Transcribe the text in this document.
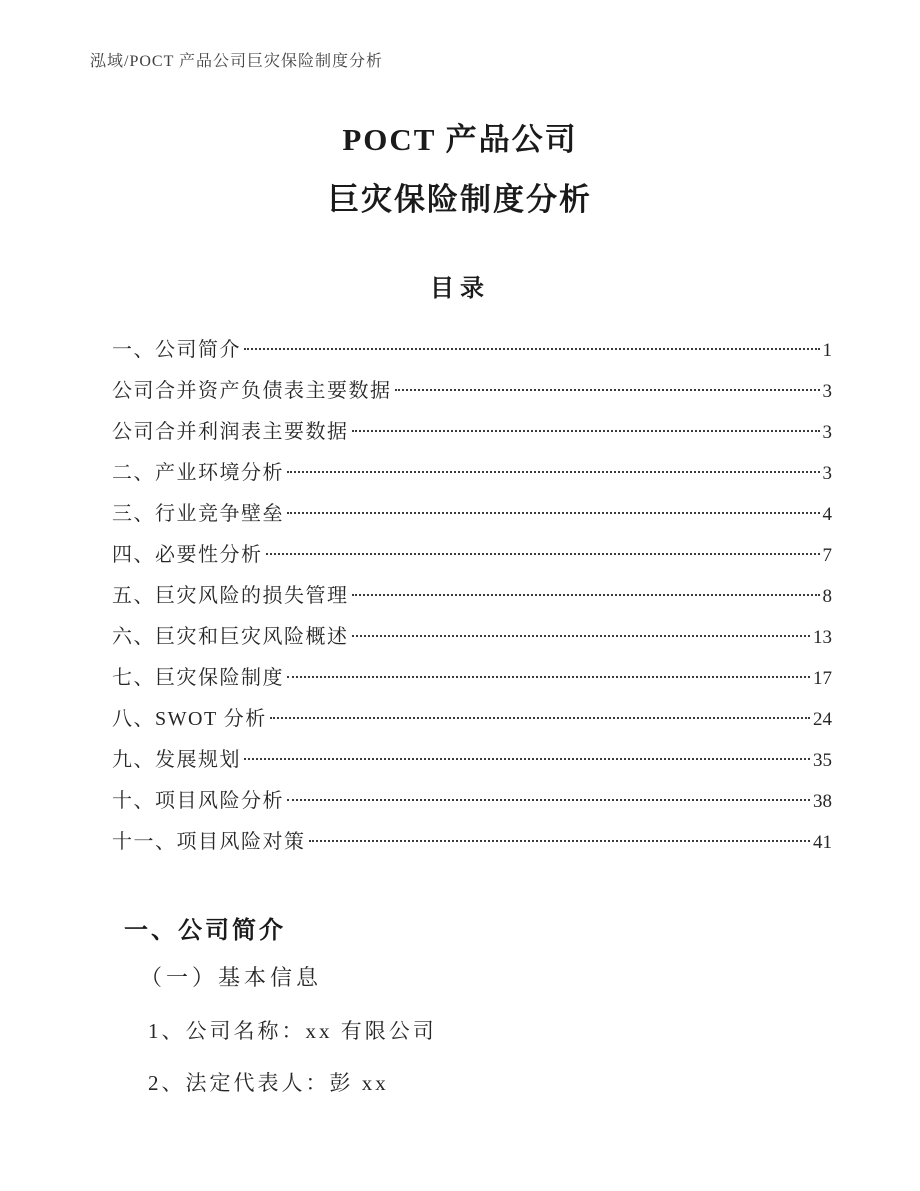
泓域/POCT 产品公司巨灾保险制度分析
POCT 产品公司
巨灾保险制度分析
目录
一、公司简介	1
公司合并资产负债表主要数据	3
公司合并利润表主要数据	3
二、产业环境分析	3
三、行业竞争壁垒	4
四、必要性分析	7
五、巨灾风险的损失管理	8
六、巨灾和巨灾风险概述	13
七、巨灾保险制度	17
八、SWOT 分析	24
九、发展规划	35
十、项目风险分析	38
十一、项目风险对策	41
一、公司简介
（一）基本信息
1、公司名称：xx 有限公司
2、法定代表人：彭 xx
